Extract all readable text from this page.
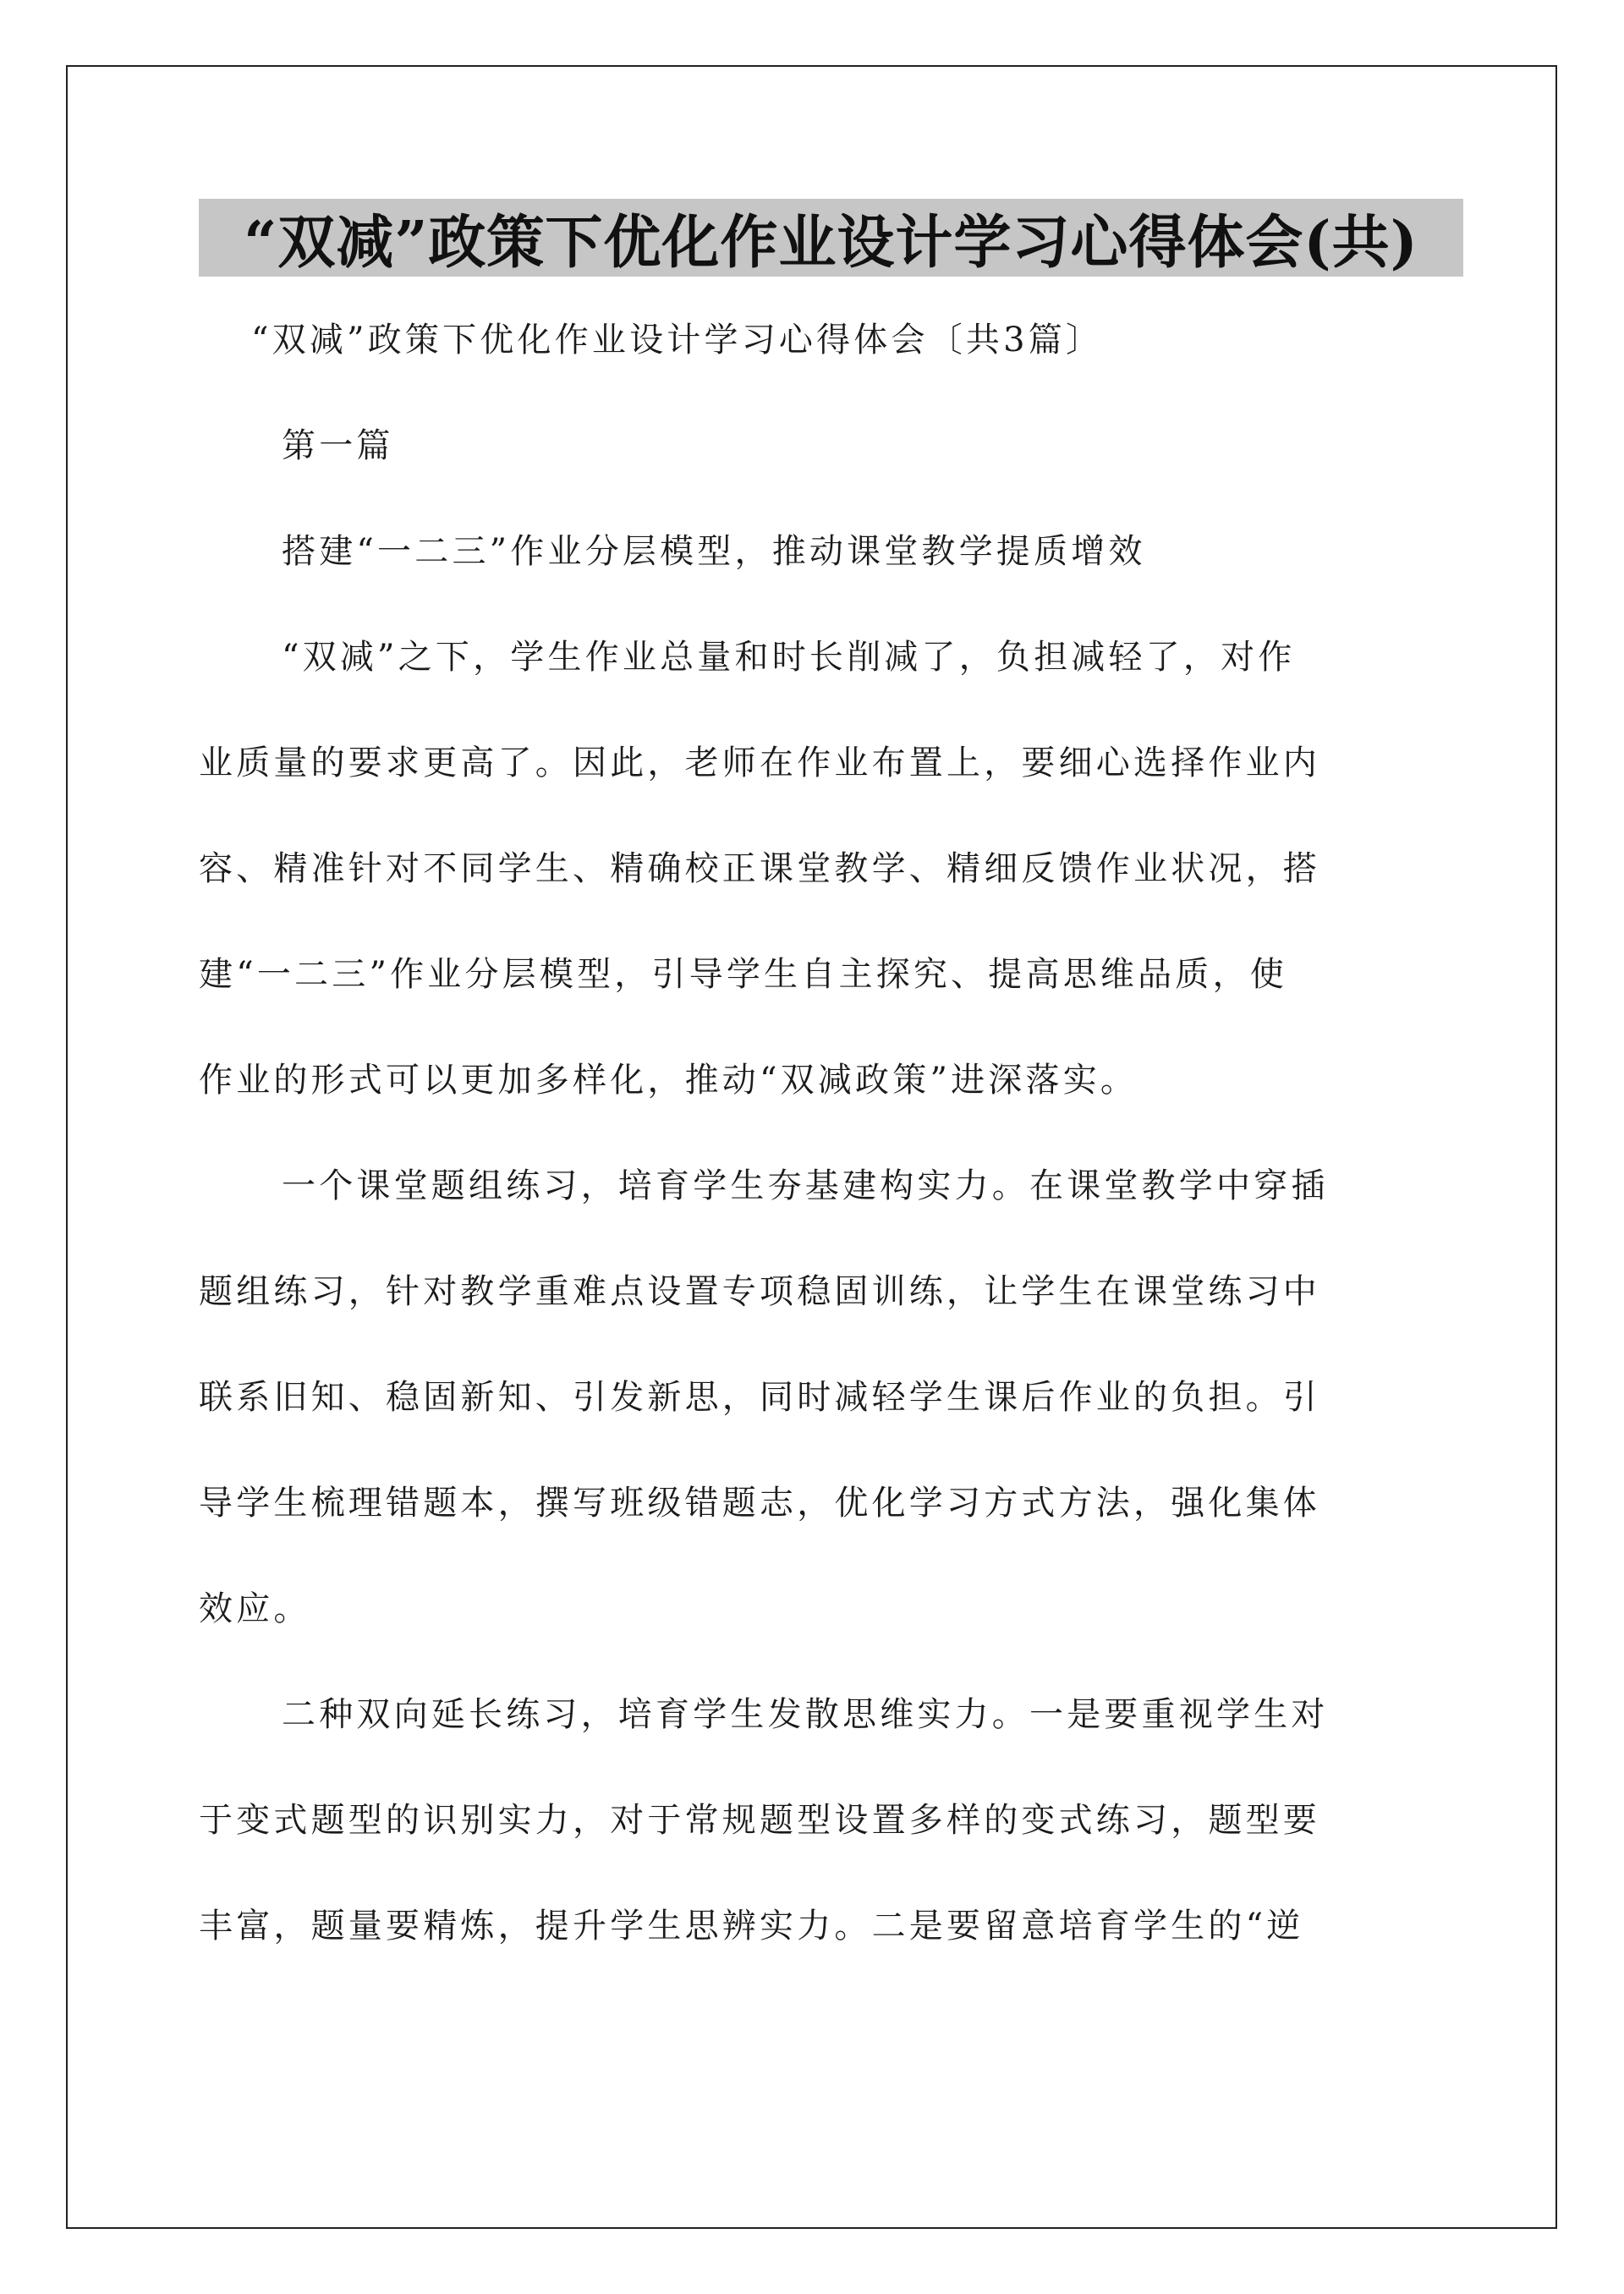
“双减”政策下优化作业设计学习心得体会(共)
“双减”政策下优化作业设计学习心得体会〔共3篇〕
第一篇
搭建“一二三”作业分层模型，推动课堂教学提质增效
“双减”之下，学生作业总量和时长削减了，负担减轻了，对作
业质量的要求更高了。因此，老师在作业布置上，要细心选择作业内
容、精准针对不同学生、精确校正课堂教学、精细反馈作业状况，搭
建“一二三”作业分层模型，引导学生自主探究、提高思维品质，使
作业的形式可以更加多样化，推动“双减政策”进深落实。
一个课堂题组练习，培育学生夯基建构实力。在课堂教学中穿插
题组练习，针对教学重难点设置专项稳固训练，让学生在课堂练习中
联系旧知、稳固新知、引发新思，同时减轻学生课后作业的负担。引
导学生梳理错题本，撰写班级错题志，优化学习方式方法，强化集体
效应。
二种双向延长练习，培育学生发散思维实力。一是要重视学生对
于变式题型的识别实力，对于常规题型设置多样的变式练习，题型要
丰富，题量要精炼，提升学生思辨实力。二是要留意培育学生的“逆
